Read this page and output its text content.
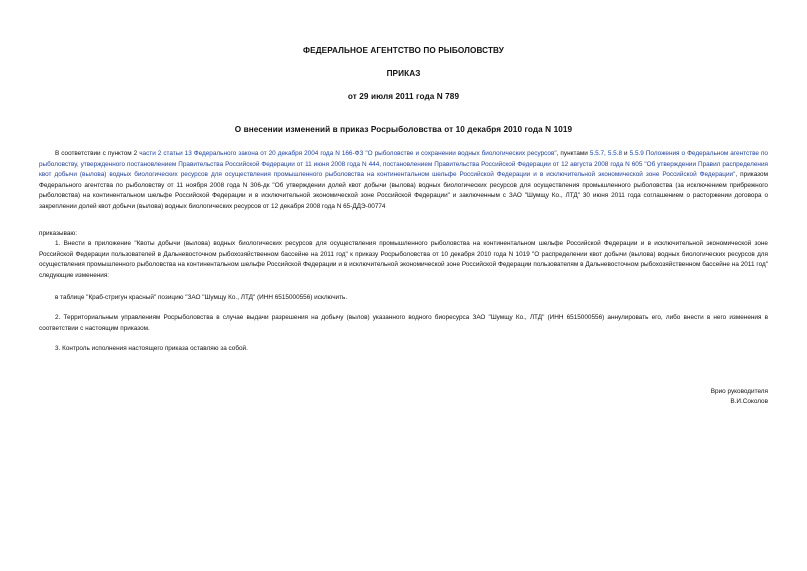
ФЕДЕРАЛЬНОЕ АГЕНТСТВО ПО РЫБОЛОВСТВУ
ПРИКАЗ
от 29 июля 2011 года N 789
О внесении изменений в приказ Росрыболовства от 10 декабря 2010 года N 1019

В соответствии с пунктом 2 части 2 статьи 13 Федерального закона от 20 декабря 2004 года N 166-ФЗ "О рыболовстве и сохранении водных биологических ресурсов", пунктами 5.5.7, 5.5.8 и 5.5.9 Положения о Федеральном агентстве по рыболовству, утвержденного постановлением Правительства Российской Федерации от 11 июня 2008 года N 444, постановлением Правительства Российской Федерации от 12 августа 2008 года N 605 "Об утверждении Правил распределения квот добычи (вылова) водных биологических ресурсов для осуществления промышленного рыболовства на континентальном шельфе Российской Федерации и в исключительной экономической зоне Российской Федерации", приказом Федерального агентства по рыболовству от 11 ноября 2008 года N 306-дк "Об утверждении долей квот добычи (вылова) водных биологических ресурсов для осуществления промышленного рыболовства (за исключением прибрежного рыболовства) на континентальном шельфе Российской Федерации и в исключительной экономической зоне Российской Федерации" и заключенным с ЗАО "Шумщу Ко., ЛТД" 30 июня 2011 года соглашением о расторжении договора о закреплении долей квот добычи (вылова) водных биологических ресурсов от 12 декабря 2008 года N 65-ДДЭ-00774

приказываю:

1. Внести в приложение "Квоты добычи (вылова) водных биологических ресурсов для осуществления промышленного рыболовства на континентальном шельфе Российской Федерации и в исключительной экономической зоне Российской Федерации пользователей в Дальневосточном рыбохозяйственном бассейне на 2011 год" к приказу Росрыболовства от 10 декабря 2010 года N 1019 "О распределении квот добычи (вылова) водных биологических ресурсов для осуществления промышленного рыболовства на континентальном шельфе Российской Федерации и в исключительной экономической зоне Российской Федерации пользователям в Дальневосточном рыбохозяйственном бассейне на 2011 год" следующие изменения:

в таблице "Краб-стригун красный" позицию "ЗАО "Шумщу Ко., ЛТД" (ИНН 6515000556) исключить.

2. Территориальным управлениям Росрыболовства в случае выдачи разрешения на добычу (вылов) указанного водного биоресурса ЗАО "Шумщу Ко., ЛТД" (ИНН 6515000556) аннулировать его, либо внести в него изменения в соответствии с настоящим приказом.

3. Контроль исполнения настоящего приказа оставляю за собой.

Врио руководителя
В.И.Соколов
